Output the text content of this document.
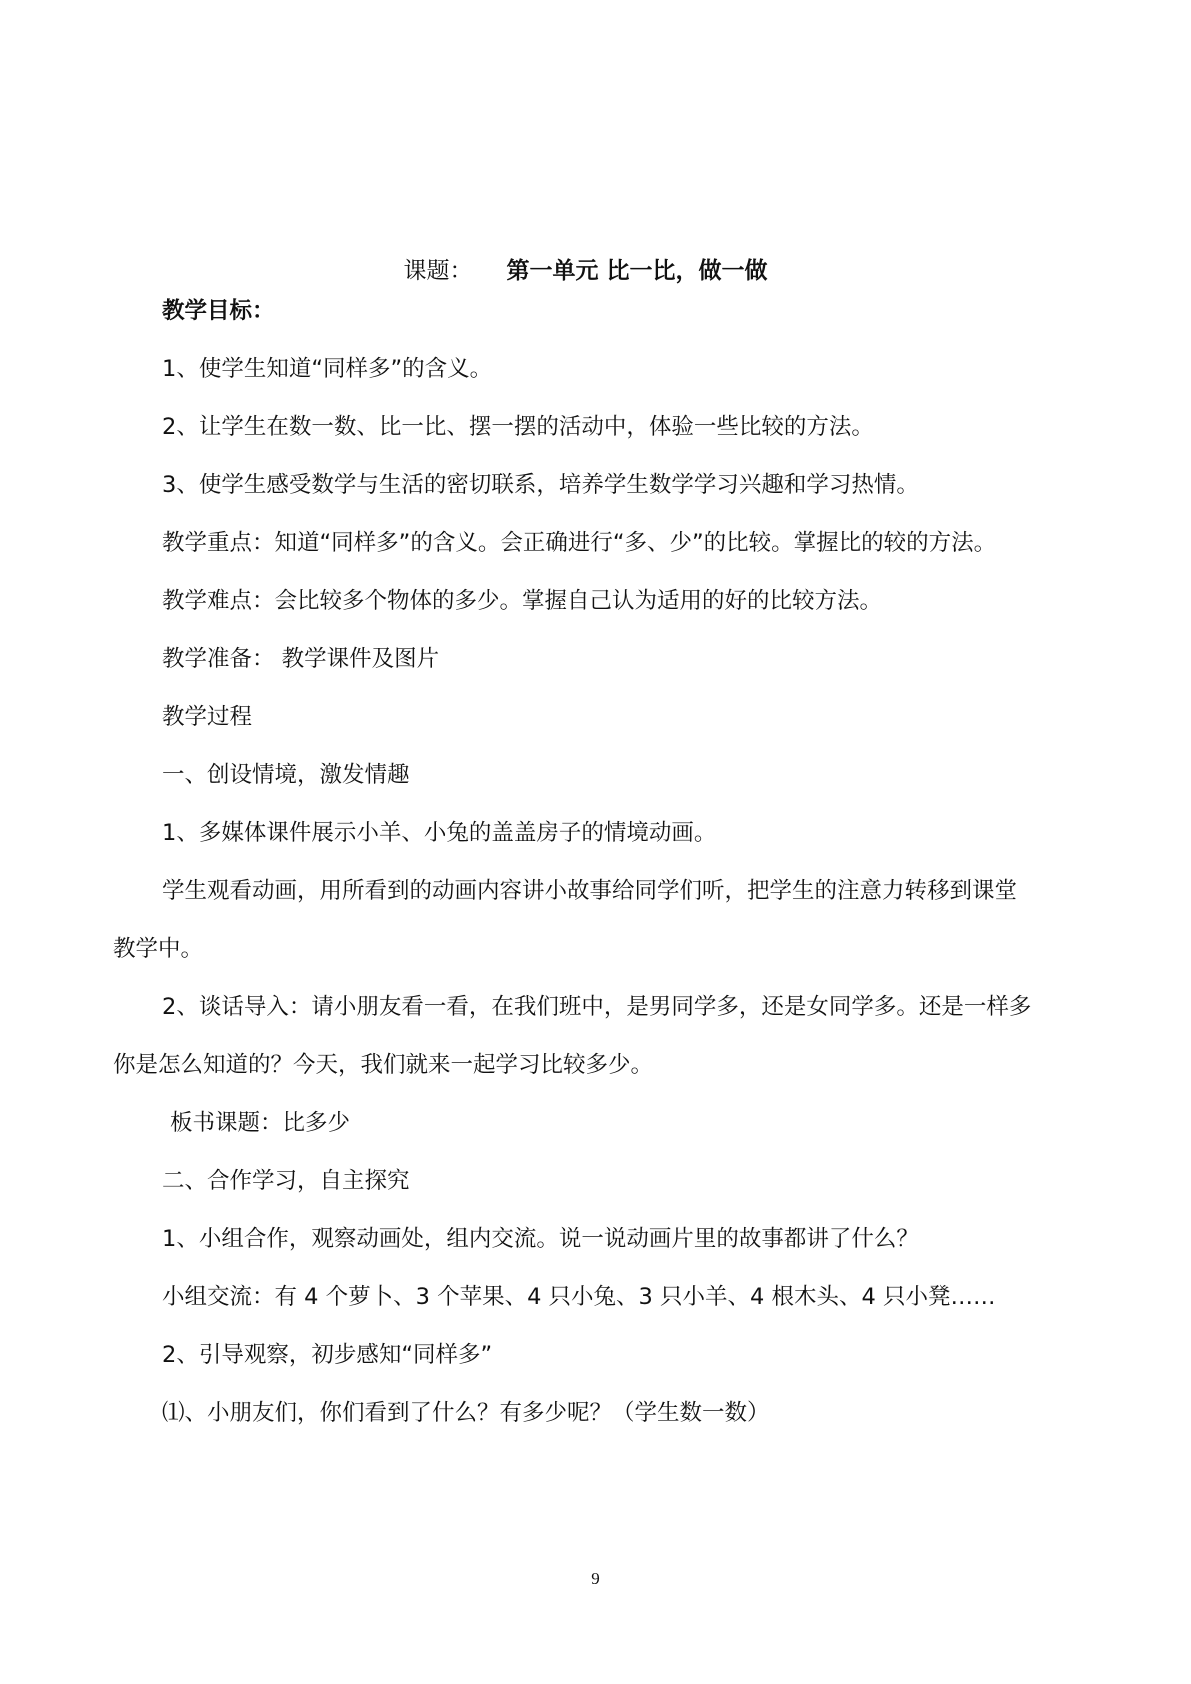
课题： 第一单元 比一比，做一做
教学目标：
1、使学生知道“同样多”的含义。
2、让学生在数一数、比一比、摆一摆的活动中，体验一些比较的方法。
3、使学生感受数学与生活的密切联系，培养学生数学学习兴趣和学习热情。
教学重点：知道“同样多”的含义。会正确进行“多、少”的比较。掌握比的较的方法。
教学难点：会比较多个物体的多少。掌握自己认为适用的好的比较方法。
教学准备： 教学课件及图片
教学过程
一、创设情境，激发情趣
1、多媒体课件展示小羊、小兔的盖盖房子的情境动画。
学生观看动画，用所看到的动画内容讲小故事给同学们听，把学生的注意力转移到课堂
教学中。
2、谈话导入：请小朋友看一看，在我们班中，是男同学多，还是女同学多。还是一样多
你是怎么知道的？今天，我们就来一起学习比较多少。
板书课题：比多少
二、合作学习，自主探究
1、小组合作，观察动画处，组内交流。说一说动画片里的故事都讲了什么？
小组交流：有 4 个萝卜、3 个苹果、4 只小兔、3 只小羊、4 根木头、4 只小凳……
2、引导观察，初步感知“同样多”
⑴、小朋友们，你们看到了什么？有多少呢？（学生数一数）
9
